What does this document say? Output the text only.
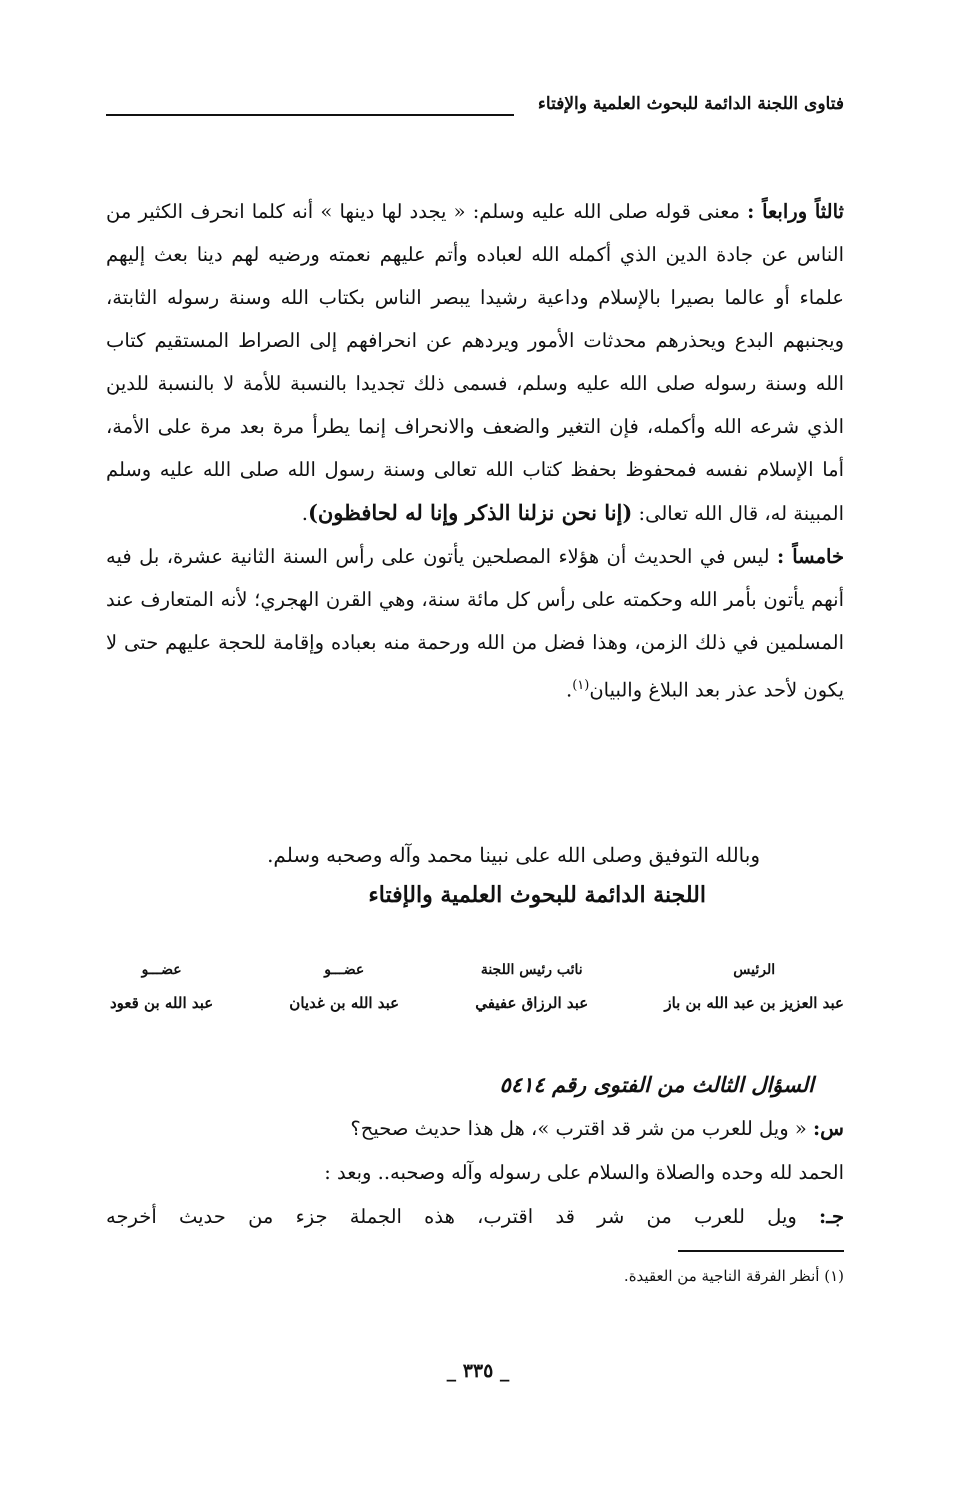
فتاوى اللجنة الدائمة للبحوث العلمية والإفتاء

ثالثاً ورابعاً : معنى قوله صلى الله عليه وسلم: « يجدد لها دينها » أنه كلما انحرف الكثير من الناس عن جادة الدين الذي أكمله الله لعباده وأتم عليهم نعمته ورضيه لهم دينا بعث إليهم علماء أو عالما بصيرا بالإسلام وداعية رشيدا يبصر الناس بكتاب الله وسنة رسوله الثابتة، ويجنبهم البدع ويحذرهم محدثات الأمور ويردهم عن انحرافهم إلى الصراط المستقيم كتاب الله وسنة رسوله صلى الله عليه وسلم، فسمى ذلك تجديدا بالنسبة للأمة لا بالنسبة للدين الذي شرعه الله وأكمله، فإن التغير والضعف والانحراف إنما يطرأ مرة بعد مرة على الأمة، أما الإسلام نفسه فمحفوظ بحفظ كتاب الله تعالى وسنة رسول الله صلى الله عليه وسلم المبينة له، قال الله تعالى: (إنا نحن نزلنا الذكر وإنا له لحافظون).

خامساً : ليس في الحديث أن هؤلاء المصلحين يأتون على رأس السنة الثانية عشرة، بل فيه أنهم يأتون بأمر الله وحكمته على رأس كل مائة سنة، وهي القرن الهجري؛ لأنه المتعارف عند المسلمين في ذلك الزمن، وهذا فضل من الله ورحمة منه بعباده وإقامة للحجة عليهم حتى لا يكون لأحد عذر بعد البلاغ والبيان$^{(١)}$.

وبالله التوفيق وصلى الله على نبينا محمد وآله وصحبه وسلم.
اللجنة الدائمة للبحوث العلمية والإفتاء
الرئيس
عبد العزيز بن عبد الله بن باز
نائب رئيس اللجنة
عبد الرزاق عفيفي
عضـــو
عبد الله بن غديان
عضـــو
عبد الله بن قعود
السؤال الثالث من الفتوى رقم ٥٤١٤
س: « ويل للعرب من شر قد اقترب »، هل هذا حديث صحيح؟
الحمد لله وحده والصلاة والسلام على رسوله وآله وصحبه.. وبعد :
جـ: ويل للعرب من شر قد اقترب، هذه الجملة جزء من حديث أخرجه
(١) أنظر الفرقة الناجية من العقيدة.
_ ٣٣٥ _
